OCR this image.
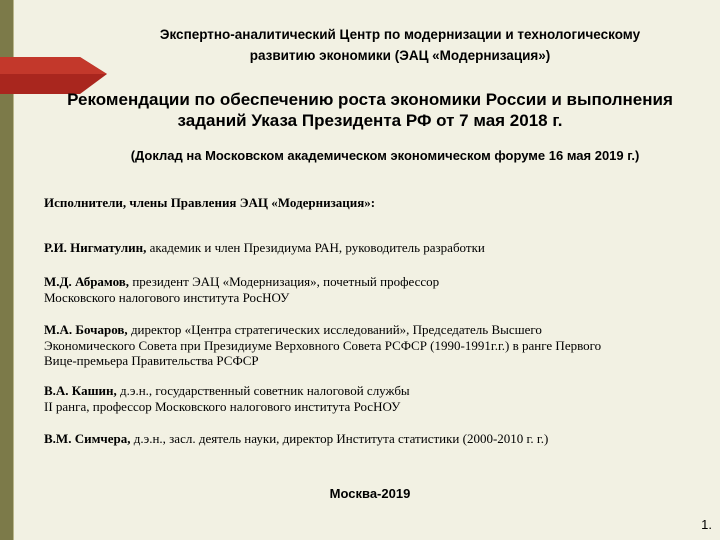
Экспертно-аналитический Центр по модернизации и технологическому
развитию экономики (ЭАЦ «Модернизация»)
Рекомендации по обеспечению роста экономики России и выполнения
заданий Указа Президента РФ от 7 мая 2018 г.
(Доклад на Московском академическом экономическом форуме 16 мая 2019 г.)
Исполнители, члены Правления ЭАЦ «Модернизация»:

Р.И. Нигматулин, академик и член Президиума РАН, руководитель разработки

М.Д. Абрамов, президент ЭАЦ «Модернизация», почетный профессор

Московского налогового института РосНОУ

М.А. Бочаров, директор «Центра стратегических исследований», Председатель Высшего

Экономического Совета при Президиуме Верховного Совета РСФСР (1990-1991г.г.) в ранге Первого

Вице-премьера Правительства РСФСР

В.А. Кашин, д.э.н., государственный советник налоговой службы

II ранга, профессор Московского налогового института РосНОУ

В.М. Симчера, д.э.н., засл. деятель науки, директор Института статистики (2000-2010 г. г.)

Москва-2019
1.
